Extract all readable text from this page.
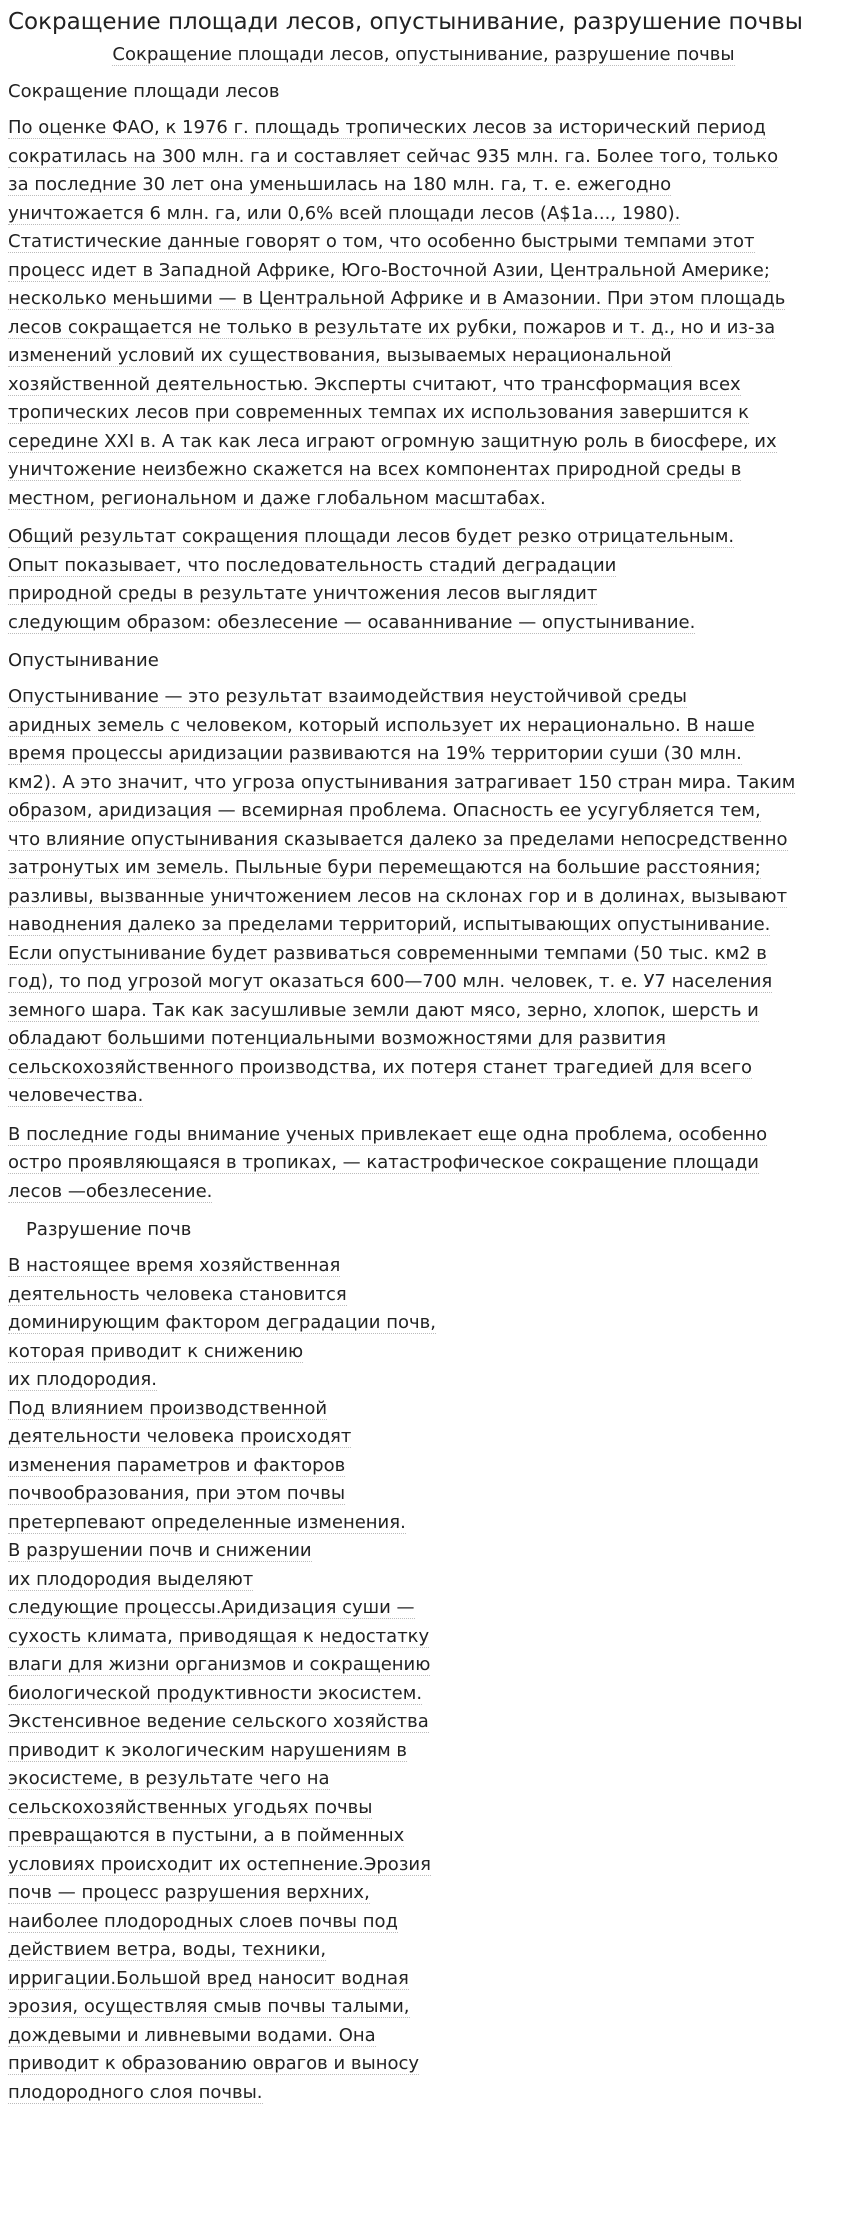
Сокращение площади лесов, опустынивание, разрушение почвы
Сокращение площади лесов, опустынивание, разрушение почвы
Сокращение площади лесов

По оценке ФАО, к 1976 г. площадь тропических лесов за исторический период
сократилась на 300 млн. га и составляет сейчас 935 млн. га. Более того, только
за последние 30 лет она уменьшилась на 180 млн. га, т. е. ежегодно
уничтожается 6 млн. га, или 0,6% всей площади лесов (A$1a..., 1980).
Статистические данные говорят о том, что особенно быстрыми темпами этот
процесс идет в Западной Африке, Юго-Восточной Азии, Центральной Америке;
несколько меньшими — в Центральной Африке и в Амазонии. При этом площадь
лесов сокращается не только в результате их рубки, пожаров и т. д., но и из-за
изменений условий их существования, вызываемых нерациональной
хозяйственной деятельностью. Эксперты считают, что трансформация всех
тропических лесов при современных темпах их использования завершится к
середине XXI в. А так как леса играют огромную защитную роль в биосфере, их
уничтожение неизбежно скажется на всех компонентах природной среды в
местном, региональном и даже глобальном масштабах.

Общий результат сокращения площади лесов будет резко отрицательным.
Опыт показывает, что последовательность стадий деградации
природной среды в результате уничтожения лесов выглядит
следующим образом: обезлесение — осаваннивание — опустынивание.

Опустынивание

Опустынивание — это результат взаимодействия неустойчивой среды
аридных земель с человеком, который использует их нерационально. В наше
время процессы аридизации развиваются на 19% территории суши (30 млн.
км2). А это значит, что угроза опустынивания затрагивает 150 стран мира. Таким
образом, аридизация — всемирная проблема. Опасность ее усугубляется тем,
что влияние опустынивания сказывается далеко за пределами непосредственно
затронутых им земель. Пыльные бури перемещаются на большие расстояния;
разливы, вызванные уничтожением лесов на склонах гор и в долинах, вызывают
наводнения далеко за пределами территорий, испытывающих опустынивание.
Если опустынивание будет развиваться современными темпами (50 тыс. км2 в
год), то под угрозой могут оказаться 600—700 млн. человек, т. е. У7 населения
земного шара. Так как засушливые земли дают мясо, зерно, хлопок, шерсть и
обладают большими потенциальными возможностями для развития
сельскохозяйственного производства, их потеря станет трагедией для всего
человечества.

В последние годы внимание ученых привлекает еще одна проблема, особенно
остро проявляющаяся в тропиках, — катастрофическое сокращение площади
лесов —обезлесение.

Разрушение почв
В настоящее время хозяйственная
деятельность человека становится
доминирующим фактором деградации почв,
которая приводит к снижению
их плодородия.
Под влиянием производственной
деятельности человека происходят
изменения параметров и факторов
почвообразования, при этом почвы
претерпевают определенные изменения.
В разрушении почв и снижении
их плодородия выделяют
следующие процессы.Аридизация суши —
сухость климата, приводящая к недостатку
влаги для жизни организмов и сокращению
биологической продуктивности экосистем.
Экстенсивное ведение сельского хозяйства
приводит к экологическим нарушениям в
экосистеме, в результате чего на
сельскохозяйственных угодьях почвы
превращаются в пустыни, а в пойменных
условиях происходит их остепнение.Эрозия
почв — процесс разрушения верхних,
наиболее плодородных слоев почвы под
действием ветра, воды, техники,
ирригации.Большой вред наносит водная
эрозия, осуществляя смыв почвы талыми,
дождевыми и ливневыми водами. Она
приводит к образованию оврагов и выносу
плодородного слоя почвы.
